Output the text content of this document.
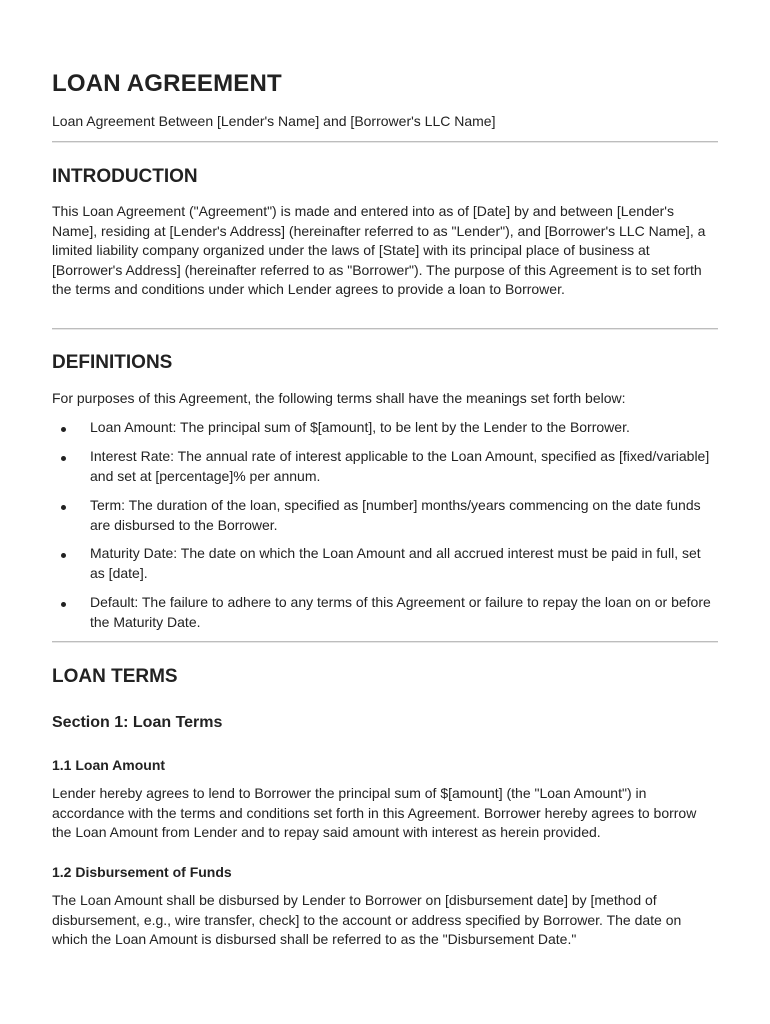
LOAN AGREEMENT
Loan Agreement Between [Lender's Name] and [Borrower's LLC Name]
INTRODUCTION

This Loan Agreement ("Agreement") is made and entered into as of [Date] by and between [Lender's Name], residing at [Lender's Address] (hereinafter referred to as "Lender"), and [Borrower's LLC Name], a limited liability company organized under the laws of [State] with its principal place of business at [Borrower's Address] (hereinafter referred to as "Borrower"). The purpose of this Agreement is to set forth the terms and conditions under which Lender agrees to provide a loan to Borrower.

DEFINITIONS

For purposes of this Agreement, the following terms shall have the meanings set forth below:

Loan Amount: The principal sum of $[amount], to be lent by the Lender to the Borrower.
Interest Rate: The annual rate of interest applicable to the Loan Amount, specified as [fixed/variable] and set at [percentage]% per annum.
Term: The duration of the loan, specified as [number] months/years commencing on the date funds are disbursed to the Borrower.
Maturity Date: The date on which the Loan Amount and all accrued interest must be paid in full, set as [date].
Default: The failure to adhere to any terms of this Agreement or failure to repay the loan on or before the Maturity Date.
LOAN TERMS
Section 1: Loan Terms
1.1 Loan Amount

Lender hereby agrees to lend to Borrower the principal sum of $[amount] (the "Loan Amount") in accordance with the terms and conditions set forth in this Agreement. Borrower hereby agrees to borrow the Loan Amount from Lender and to repay said amount with interest as herein provided.

1.2 Disbursement of Funds

The Loan Amount shall be disbursed by Lender to Borrower on [disbursement date] by [method of disbursement, e.g., wire transfer, check] to the account or address specified by Borrower. The date on which the Loan Amount is disbursed shall be referred to as the "Disbursement Date."
